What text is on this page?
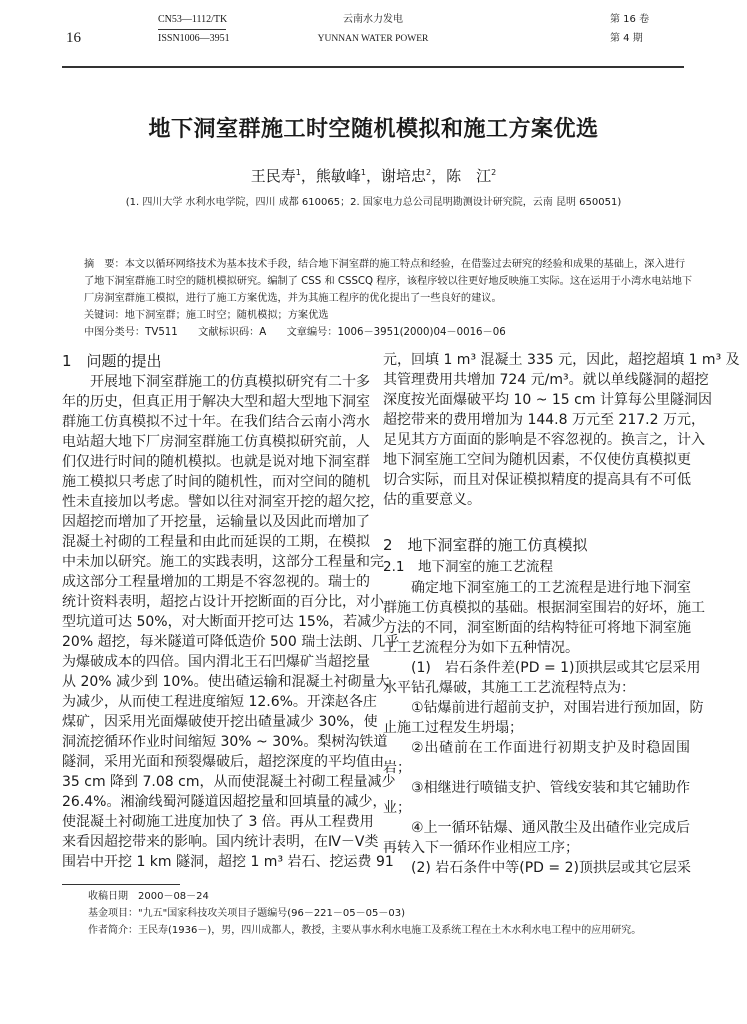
16
CN53—1112/TK
ISSN1006—3951
云南水力发电
YUNNAN WATER POWER
第 16 卷
第 4 期
地下洞室群施工时空随机模拟和施工方案优选
王民寿$^1$，熊敏峰$^1$，谢培忠$^2$，陈　江$^2$
(1. 四川大学 水利水电学院，四川 成都 610065；2. 国家电力总公司昆明勘测设计研究院，云南 昆明 650051)
摘　要：本文以循环网络技术为基本技术手段，结合地下洞室群的施工特点和经验，在借鉴过去研究的经验和成果的基础上，深入进行
了地下洞室群施工时空的随机模拟研究。编制了 CSS 和 CSSCQ 程序，该程序较以往更好地反映施工实际。这在运用于小湾水电站地下
厂房洞室群施工模拟，进行了施工方案优选，并为其施工程序的优化提出了一些良好的建议。
关键词：地下洞室群；施工时空；随机模拟；方案优选
中图分类号：TV511　　文献标识码：A　　文章编号：1006－3951(2000)04－0016－06
1　问题的提出
开展地下洞室群施工的仿真模拟研究有二十多
年的历史，但真正用于解决大型和超大型地下洞室
群施工仿真模拟不过十年。在我们结合云南小湾水
电站超大地下厂房洞室群施工仿真模拟研究前，人
们仅进行时间的随机模拟。也就是说对地下洞室群
施工模拟只考虑了时间的随机性，而对空间的随机
性未直接加以考虑。譬如以往对洞室开挖的超欠挖，
因超挖而增加了开挖量，运输量以及因此而增加了
混凝土衬砌的工程量和由此而延误的工期，在模拟
中未加以研究。施工的实践表明，这部分工程量和完
成这部分工程量增加的工期是不容忽视的。瑞士的
统计资料表明，超挖占设计开挖断面的百分比，对小
型坑道可达 50%，对大断面开挖可达 15%，若减少
20% 超挖，每米隧道可降低造价 500 瑞士法朗、几乎
为爆破成本的四倍。国内渭北王石凹爆矿当超挖量
从 20% 减少到 10%。使出碴运输和混凝土衬砌量大
为减少，从而使工程进度缩短 12.6%。开滦赵各庄
煤矿，因采用光面爆破使开挖出碴量减少 30%，使
洞流挖循环作业时间缩短 30% ~ 30%。梨树沟铁道
隧洞，采用光面和预裂爆破后，超挖深度的平均值由
35 cm 降到 7.08 cm，从而使混凝土衬砌工程量减少
26.4%。湘渝线蜀河隧道因超挖量和回填量的减少，
使混凝土衬砌施工进度加快了 3 倍。再从工程费用
来看因超挖带来的影响。国内统计表明，在Ⅳ－Ⅴ类
围岩中开挖 1 km 隧洞，超挖 1 m³ 岩石、挖运费 91
元，回填 1 m³ 混凝土 335 元，因此，超挖超填 1 m³ 及
其管理费用共增加 724 元/m³。就以单线隧洞的超挖
深度按光面爆破平均 10 ~ 15 cm 计算每公里隧洞因
超挖带来的费用增加为 144.8 万元至 217.2 万元，
足见其方方面面的影响是不容忽视的。换言之，计入
地下洞室施工空间为随机因素，不仅使仿真模拟更
切合实际，而且对保证模拟精度的提高具有不可低
估的重要意义。
2　地下洞室群的施工仿真模拟
2.1　地下洞室的施工艺流程
确定地下洞室施工的工艺流程是进行地下洞室
群施工仿真模拟的基础。根据洞室围岩的好坏，施工
方法的不同，洞室断面的结构特征可将地下洞室施
工工艺流程分为如下五种情况。
(1)　岩石条件差(PD = 1)顶拱层或其它层采用
水平钻孔爆破，其施工工艺流程特点为：
①钻爆前进行超前支护，对围岩进行预加固，防
止施工过程发生坍塌；
②出碴前在工作面进行初期支护及时稳固围
岩；
③相继进行喷锚支护、管线安装和其它辅助作
业；
④上一循环钻爆、通风散尘及出碴作业完成后
再转入下一循环作业相应工序；
(2) 岩石条件中等(PD = 2)顶拱层或其它层采
收稿日期　2000－08－24
基金项目："九五"国家科技攻关项目子题编号(96－221－05－05－03)
作者简介：王民寿(1936－)，男，四川成都人，教授，主要从事水利水电施工及系统工程在土木水利水电工程中的应用研究。
